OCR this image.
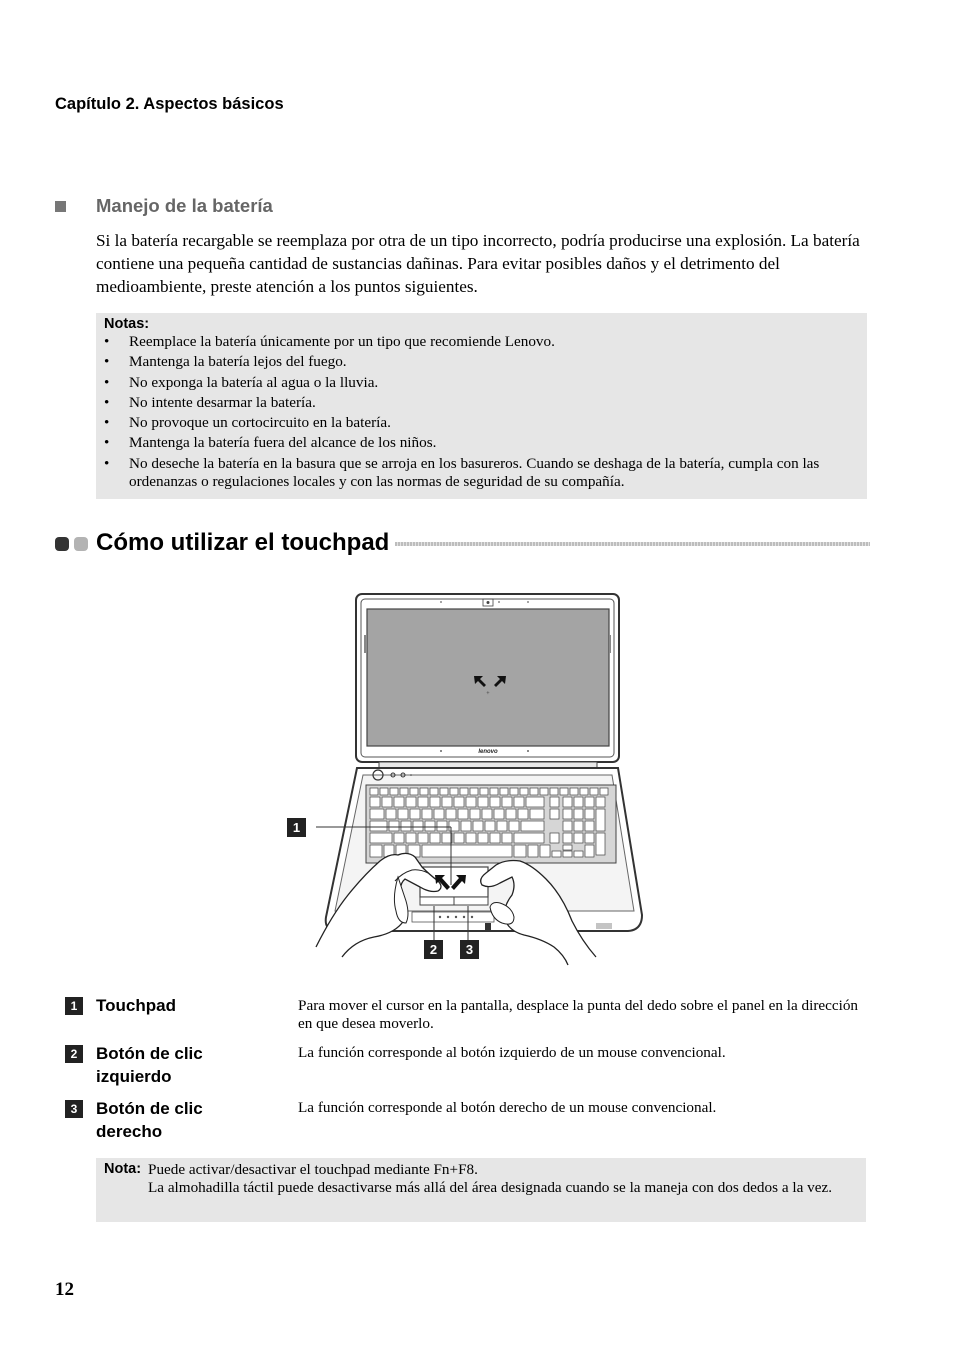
Capítulo 2. Aspectos básicos
Manejo de la batería
Si la batería recargable se reemplaza por otra de un tipo incorrecto, podría producirse una explosión. La batería contiene una pequeña cantidad de sustancias dañinas. Para evitar posibles daños y el detrimento del medioambiente, preste atención a los puntos siguientes.
Notas:
• Reemplace la batería únicamente por un tipo que recomiende Lenovo.
• Mantenga la batería lejos del fuego.
• No exponga la batería al agua o la lluvia.
• No intente desarmar la batería.
• No provoque un cortocircuito en la batería.
• Mantenga la batería fuera del alcance de los niños.
• No deseche la batería en la basura que se arroja en los basureros. Cuando se deshaga de la batería, cumpla con las ordenanzas o regulaciones locales y con las normas de seguridad de su compañía.
Cómo utilizar el touchpad
lenovo
+
1
2	3
1	Touchpad	Para mover el cursor en la pantalla, desplace la punta del dedo sobre el panel en la dirección en que desea moverlo.
2	Botón de clic izquierdo
La función corresponde al botón izquierdo de un mouse convencional.
3	Botón de clic derecho
La función corresponde al botón derecho de un mouse convencional.
Nota: Puede activar/desactivar el touchpad mediante Fn+F8.
La almohadilla táctil puede desactivarse más allá del área designada cuando se la maneja con dos dedos a la vez.
12
